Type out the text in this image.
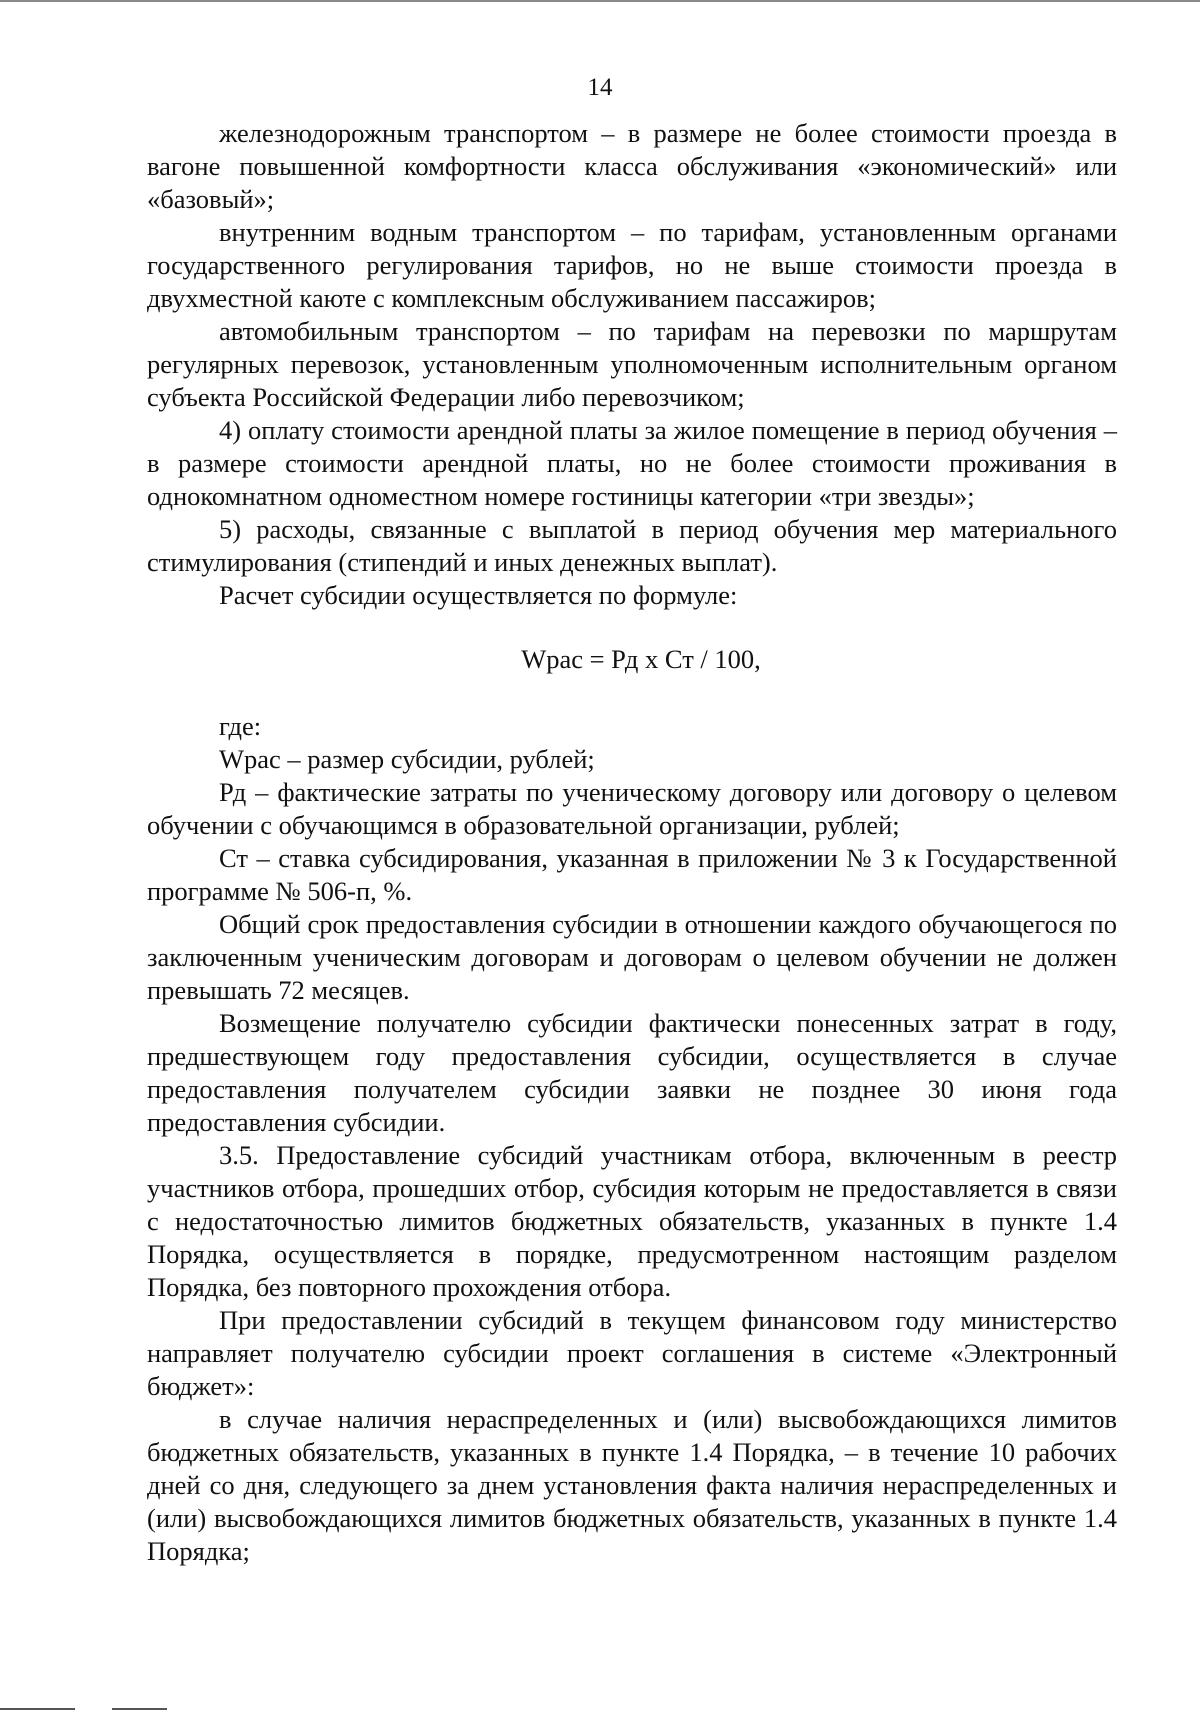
14

железнодорожным транспортом – в размере не более стоимости проезда в вагоне повышенной комфортности класса обслуживания «экономический» или «базовый»;

внутренним водным транспортом – по тарифам, установленным органами государственного регулирования тарифов, но не выше стоимости проезда в двухместной каюте с комплексным обслуживанием пассажиров;

автомобильным транспортом – по тарифам на перевозки по маршрутам регулярных перевозок, установленным уполномоченным исполнительным органом субъекта Российской Федерации либо перевозчиком;

4) оплату стоимости арендной платы за жилое помещение в период обучения – в размере стоимости арендной платы, но не более стоимости проживания в однокомнатном одноместном номере гостиницы категории «три звезды»;

5) расходы, связанные с выплатой в период обучения мер материального стимулирования (стипендий и иных денежных выплат).

Расчет субсидии осуществляется по формуле:

Wрас = Рд х Ст / 100,

где:

Wрас – размер субсидии, рублей;

Рд – фактические затраты по ученическому договору или договору о целевом обучении с обучающимся в образовательной организации, рублей;

Ст – ставка субсидирования, указанная в приложении № 3 к Государственной программе № 506-п, %.

Общий срок предоставления субсидии в отношении каждого обучающегося по заключенным ученическим договорам и договорам о целевом обучении не должен превышать 72 месяцев.

Возмещение получателю субсидии фактически понесенных затрат в году, предшествующем году предоставления субсидии, осуществляется в случае предоставления получателем субсидии заявки не позднее 30 июня года предоставления субсидии.

3.5. Предоставление субсидий участникам отбора, включенным в реестр участников отбора, прошедших отбор, субсидия которым не предоставляется в связи с недостаточностью лимитов бюджетных обязательств, указанных в пункте 1.4 Порядка, осуществляется в порядке, предусмотренном настоящим разделом Порядка, без повторного прохождения отбора.

При предоставлении субсидий в текущем финансовом году министерство направляет получателю субсидии проект соглашения в системе «Электронный бюджет»:

в случае наличия нераспределенных и (или) высвобождающихся лимитов бюджетных обязательств, указанных в пункте 1.4 Порядка, – в течение 10 рабочих дней со дня, следующего за днем установления факта наличия нераспределенных и (или) высвобождающихся лимитов бюджетных обязательств, указанных в пункте 1.4 Порядка;
